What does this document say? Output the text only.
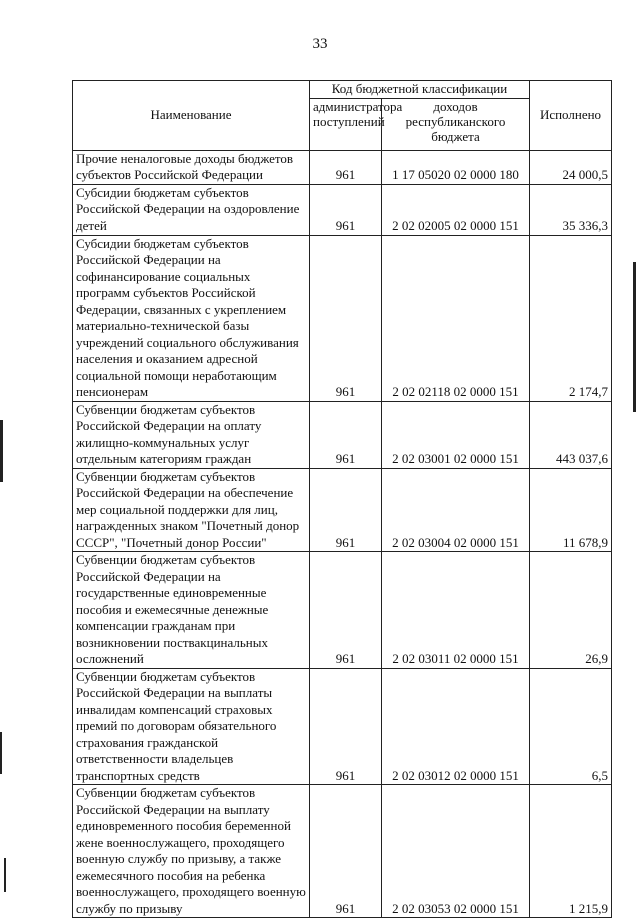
33
Наименование	Код бюджетной классификации		Исполнено
	администратора поступлений	доходов республиканского бюджета	
Прочие неналоговые доходы бюджетов субъектов Российской Федерации	961	1 17 05020 02 0000 180	24 000,5
Субсидии бюджетам субъектов Российской Федерации на оздоровление детей	961	2 02 02005 02 0000 151	35 336,3
Субсидии бюджетам субъектов Российской Федерации на софинансирование социальных программ субъектов Российской Федерации, связанных с укреплением материально-технической базы учреждений социального обслуживания населения и оказанием адресной социальной помощи неработающим пенсионерам	961	2 02 02118 02 0000 151	2 174,7
Субвенции бюджетам субъектов Российской Федерации на оплату жилищно-коммунальных услуг отдельным категориям граждан	961	2 02 03001 02 0000 151	443 037,6
Субвенции бюджетам субъектов Российской Федерации на обеспечение мер социальной поддержки для лиц, награжденных знаком "Почетный донор СССР", "Почетный донор России"	961	2 02 03004 02 0000 151	11 678,9
Субвенции бюджетам субъектов Российской Федерации на государственные единовременные пособия и ежемесячные денежные компенсации гражданам при возникновении поствакцинальных осложнений	961	2 02 03011 02 0000 151	26,9
Субвенции бюджетам субъектов Российской Федерации на выплаты инвалидам компенсаций страховых премий по договорам обязательного страхования гражданской ответственности владельцев транспортных средств	961	2 02 03012 02 0000 151	6,5
Субвенции бюджетам субъектов Российской Федерации на выплату единовременного пособия беременной жене военнослужащего, проходящего военную службу по призыву, а также ежемесячного пособия на ребенка военнослужащего, проходящего военную службу по призыву	961	2 02 03053 02 0000 151	1 215,9
